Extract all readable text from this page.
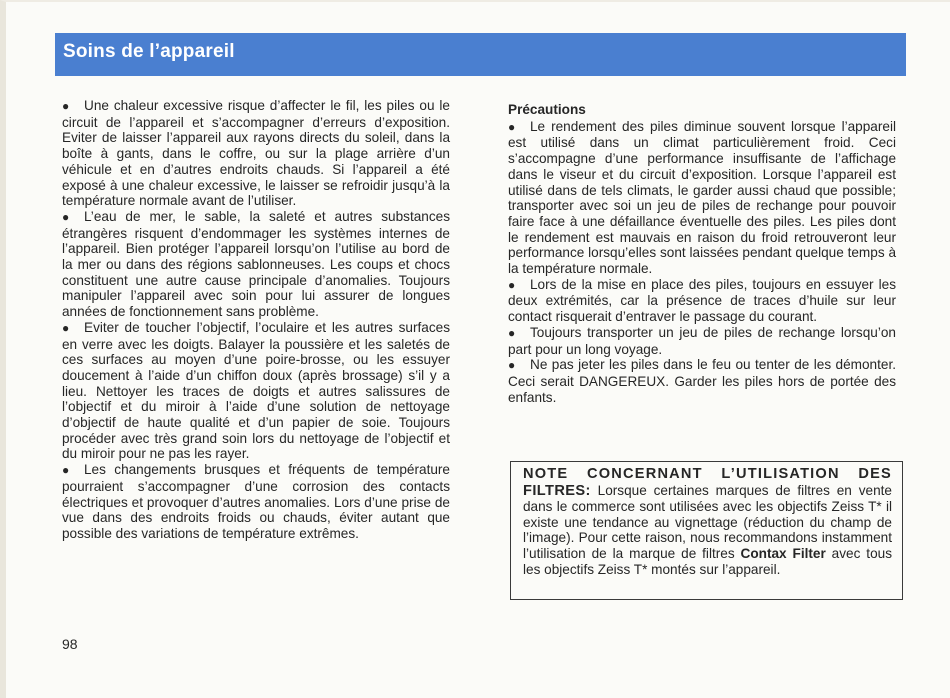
Soins de l’appareil

● Une chaleur excessive risque d’affecter le fil, les piles ou le circuit de l’appareil et s’accompagner d’erreurs d’exposition. Eviter de laisser l’appareil aux rayons directs du soleil, dans la boîte à gants, dans le coffre, ou sur la plage arrière d’un véhicule et en d’autres endroits chauds. Si l’appareil a été exposé à une chaleur excessive, le laisser se refroidir jusqu’à la température normale avant de l’utiliser.

● L’eau de mer, le sable, la saleté et autres substances étrangères risquent d’endommager les systèmes internes de l’appareil. Bien protéger l’appareil lorsqu’on l’utilise au bord de la mer ou dans des régions sablonneuses. Les coups et chocs constituent une autre cause principale d’anomalies. Toujours manipuler l’appareil avec soin pour lui assurer de longues années de fonctionnement sans problème.

● Eviter de toucher l’objectif, l’oculaire et les autres surfaces en verre avec les doigts. Balayer la poussière et les saletés de ces surfaces au moyen d’une poire-brosse, ou les essuyer doucement à l’aide d’un chiffon doux (après brossage) s’il y a lieu. Nettoyer les traces de doigts et autres salissures de l’objectif et du miroir à l’aide d’une solution de nettoyage d’objectif de haute qualité et d’un papier de soie. Toujours procéder avec très grand soin lors du nettoyage de l’objectif et du miroir pour ne pas les rayer.

● Les changements brusques et fréquents de température pourraient s’accompagner d’une corrosion des contacts électriques et provoquer d’autres anomalies. Lors d’une prise de vue dans des endroits froids ou chauds, éviter autant que possible des variations de température extrêmes.

Précautions

● Le rendement des piles diminue souvent lorsque l’appareil est utilisé dans un climat particulièrement froid. Ceci s’accompagne d’une performance insuffisante de l’affichage dans le viseur et du circuit d’exposition. Lorsque l’appareil est utilisé dans de tels climats, le garder aussi chaud que possible; transporter avec soi un jeu de piles de rechange pour pouvoir faire face à une défaillance éventuelle des piles. Les piles dont le rendement est mauvais en raison du froid retrouveront leur performance lorsqu’elles sont laissées pendant quelque temps à la température normale.

● Lors de la mise en place des piles, toujours en essuyer les deux extrémités, car la présence de traces d’huile sur leur contact risquerait d’entraver le passage du courant.

● Toujours transporter un jeu de piles de rechange lorsqu’on part pour un long voyage.

● Ne pas jeter les piles dans le feu ou tenter de les démonter. Ceci serait DANGEREUX. Garder les piles hors de portée des enfants.

NOTE CONCERNANT L’UTILISATION DES
FILTRES: Lorsque certaines marques de filtres en vente dans le commerce sont utilisées avec les objectifs Zeiss T* il existe une tendance au vignettage (réduction du champ de l’image). Pour cette raison, nous recommandons instamment l’utilisation de la marque de filtres Contax Filter avec tous les objectifs Zeiss T* montés sur l’appareil.
98
